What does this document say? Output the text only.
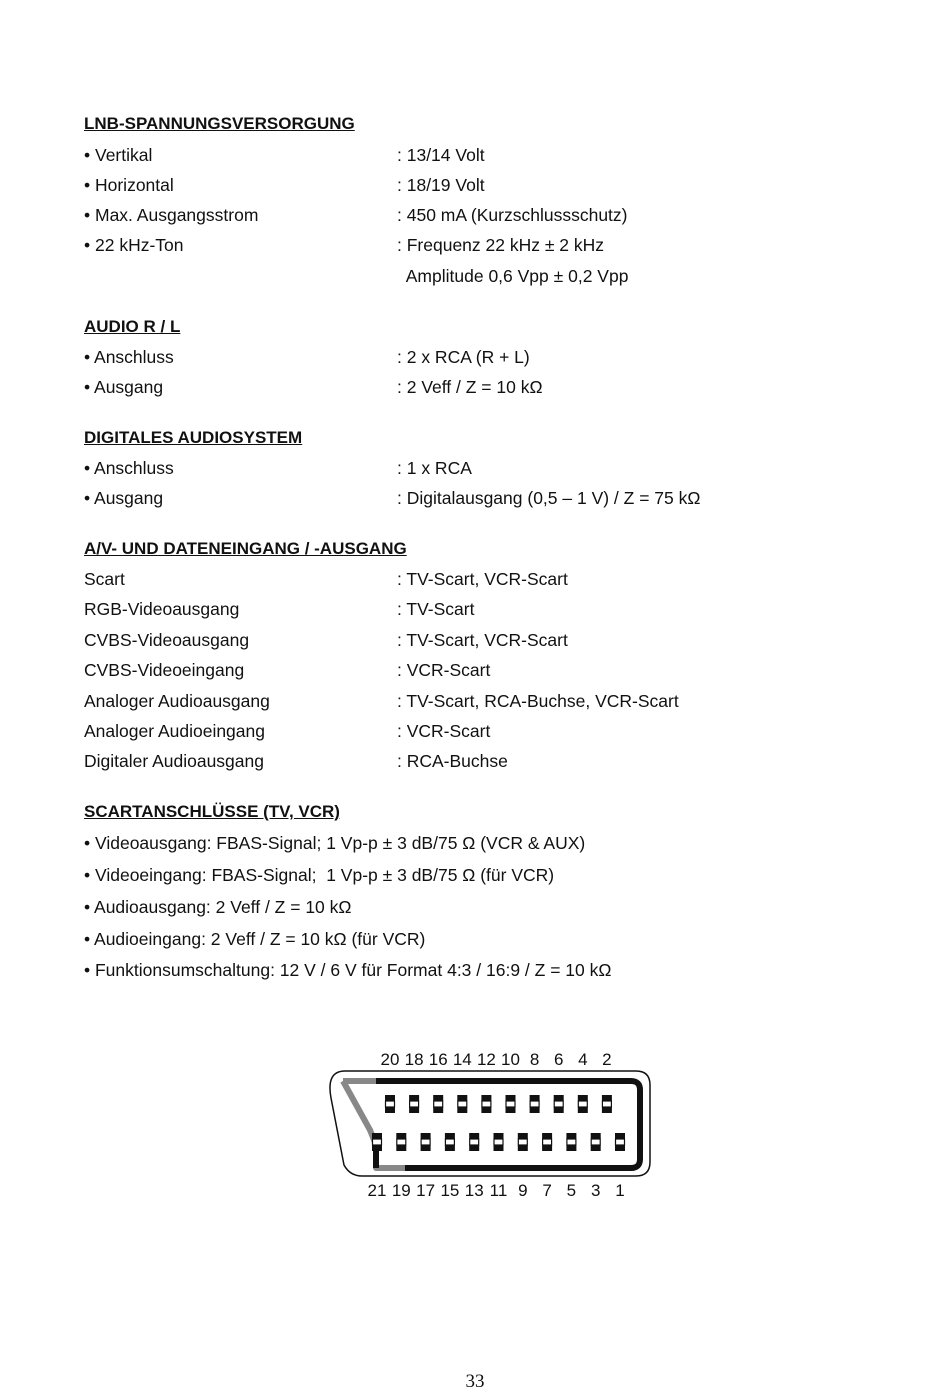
LNB-SPANNUNGSVERSORGUNG
• Vertikal	: 13/14 Volt
• Horizontal	: 18/19 Volt
• Max. Ausgangsstrom	: 450 mA (Kurzschlussschutz)
• 22 kHz-Ton	: Frequenz 22 kHz ± 2 kHz
Amplitude 0,6 Vpp ± 0,2 Vpp
AUDIO R / L
• Anschluss	: 2 x RCA (R + L)
• Ausgang	: 2 Veff / Z = 10 kΩ
DIGITALES AUDIOSYSTEM
• Anschluss	: 1 x RCA
• Ausgang	: Digitalausgang (0,5 – 1 V) / Z = 75 kΩ
A/V- UND DATENEINGANG / -AUSGANG
Scart	: TV-Scart, VCR-Scart
RGB-Videoausgang	: TV-Scart
CVBS-Videoausgang	: TV-Scart, VCR-Scart
CVBS-Videoeingang	: VCR-Scart
Analoger Audioausgang	: TV-Scart, RCA-Buchse, VCR-Scart
Analoger Audioeingang	: VCR-Scart
Digitaler Audioausgang	: RCA-Buchse
SCARTANSCHLÜSSE (TV, VCR)
• Videoausgang: FBAS-Signal; 1 Vp-p ± 3 dB/75 Ω (VCR & AUX)
• Videoeingang: FBAS-Signal;  1 Vp-p ± 3 dB/75 Ω (für VCR)
• Audioausgang: 2 Veff / Z = 10 kΩ
• Audioeingang: 2 Veff / Z = 10 kΩ (für VCR)
• Funktionsumschaltung: 12 V / 6 V für Format 4:3 / 16:9 / Z = 10 kΩ
20 18 16 14 12 10 8 6 4 2
21 19 17 15 13 11 9 7 5 3 1
33
